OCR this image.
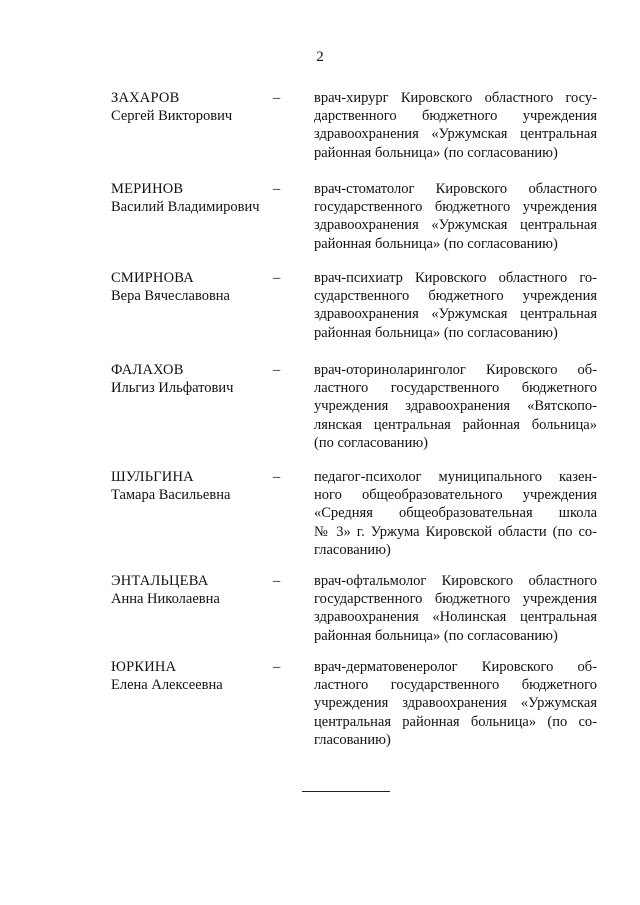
2
ЗАХАРОВ
Сергей Викторович
– врач-хирург Кировского областного госу-
дарственного бюджетного учреждения
здравоохранения «Уржумская центральная
районная больница» (по согласованию)
МЕРИНОВ
Василий Владимирович
– врач-стоматолог Кировского областного
государственного бюджетного учреждения
здравоохранения «Уржумская центральная
районная больница» (по согласованию)
СМИРНОВА
Вера Вячеславовна
– врач-психиатр Кировского областного го-
сударственного бюджетного учреждения
здравоохранения «Уржумская центральная
районная больница» (по согласованию)
ФАЛАХОВ
Ильгиз Ильфатович
– врач-оториноларинголог Кировского об-
ластного государственного бюджетного
учреждения здравоохранения «Вятскопо-
лянская центральная районная больница»
(по согласованию)
ШУЛЬГИНА
Тамара Васильевна
– педагог-психолог муниципального казен-
ного общеобразовательного учреждения
«Средняя общеобразовательная школа
№ 3» г. Уржума Кировской области (по со-
гласованию)
ЭНТАЛЬЦЕВА
Анна Николаевна
– врач-офтальмолог Кировского областного
государственного бюджетного учреждения
здравоохранения «Нолинская центральная
районная больница» (по согласованию)
ЮРКИНА
Елена Алексеевна
– врач-дерматовенеролог Кировского об-
ластного государственного бюджетного
учреждения здравоохранения «Уржумская
центральная районная больница» (по со-
гласованию)
